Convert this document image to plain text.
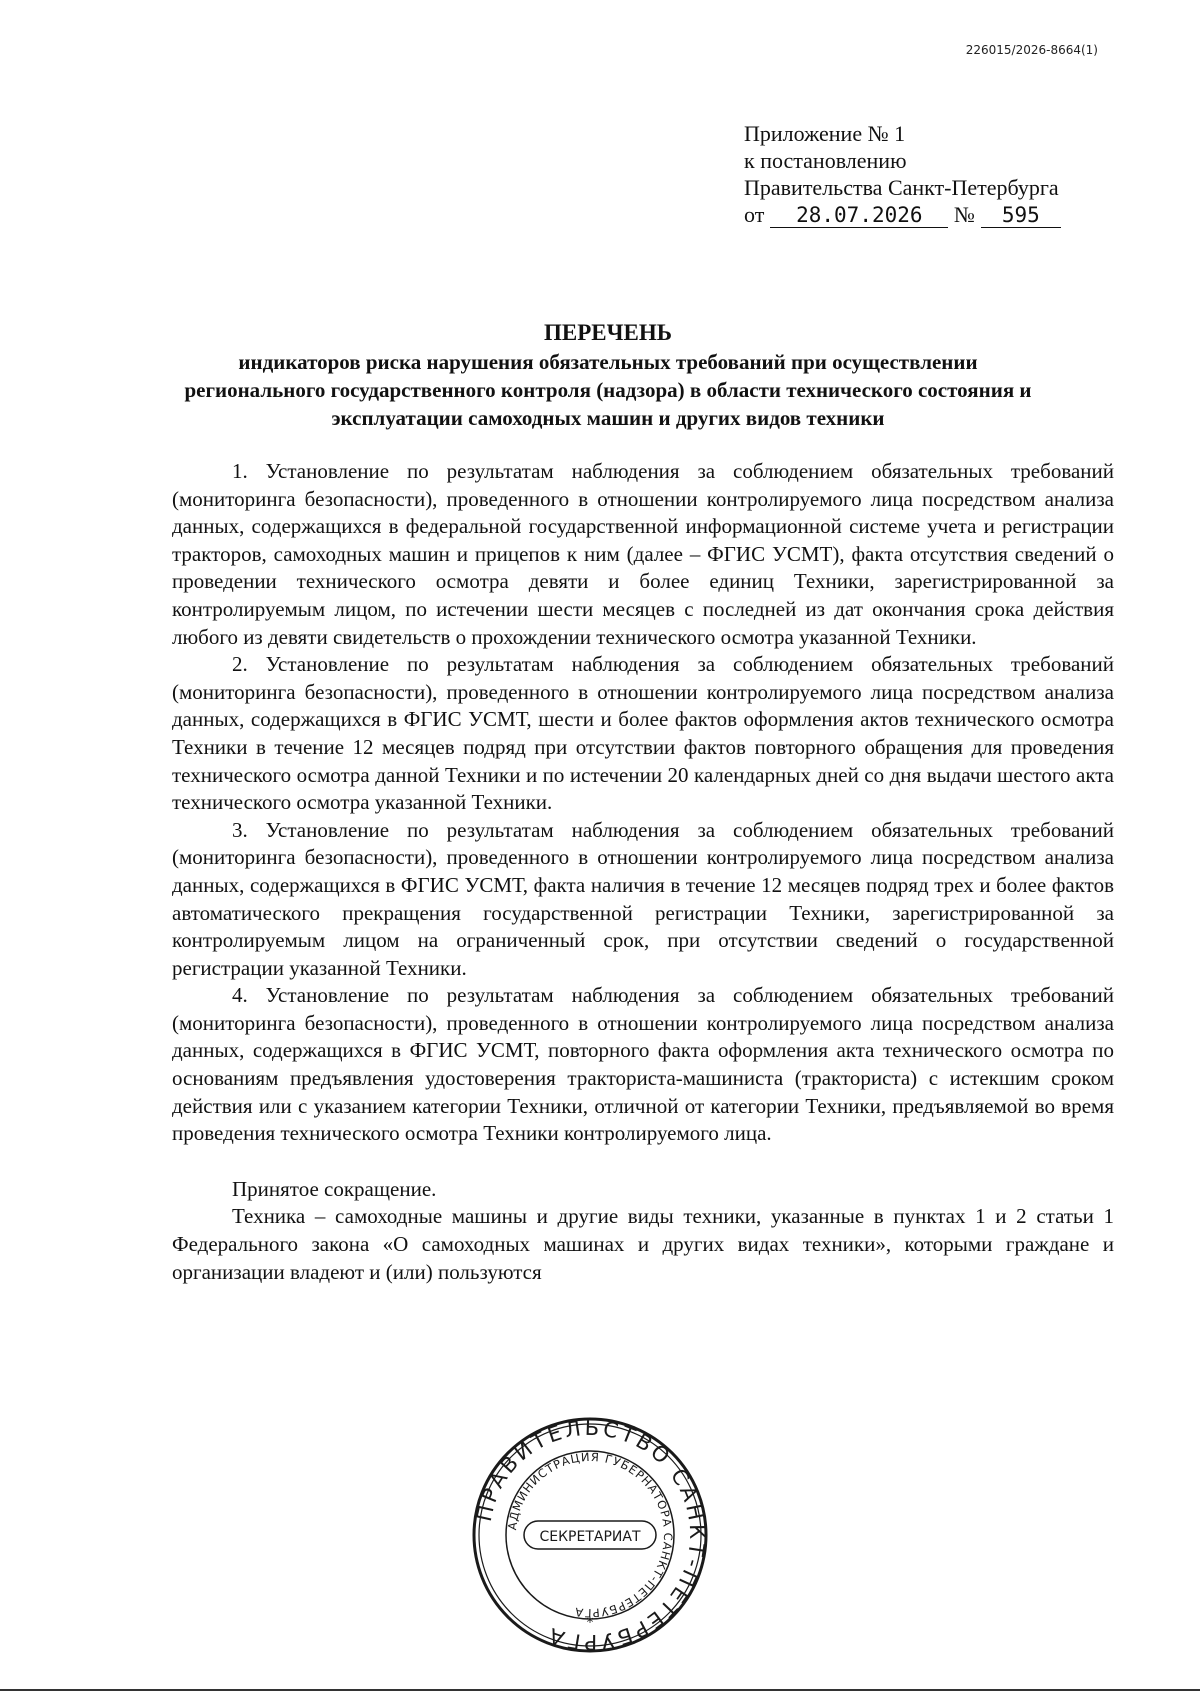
226015/2026-8664(1)
Приложение № 1
к постановлению
Правительства Санкт-Петербурга
от 28.07.2026 № 595
ПЕРЕЧЕНЬ
индикаторов риска нарушения обязательных требований при осуществлении регионального государственного контроля (надзора) в области технического состояния и эксплуатации самоходных машин и других видов техники

1. Установление по результатам наблюдения за соблюдением обязательных требований (мониторинга безопасности), проведенного в отношении контролируемого лица посредством анализа данных, содержащихся в федеральной государственной информационной системе учета и регистрации тракторов, самоходных машин и прицепов к ним (далее – ФГИС УСМТ), факта отсутствия сведений о проведении технического осмотра девяти и более единиц Техники, зарегистрированной за контролируемым лицом, по истечении шести месяцев с последней из дат окончания срока действия любого из девяти свидетельств о прохождении технического осмотра указанной Техники.

2. Установление по результатам наблюдения за соблюдением обязательных требований (мониторинга безопасности), проведенного в отношении контролируемого лица посредством анализа данных, содержащихся в ФГИС УСМТ, шести и более фактов оформления актов технического осмотра Техники в течение 12 месяцев подряд при отсутствии фактов повторного обращения для проведения технического осмотра данной Техники и по истечении 20 календарных дней со дня выдачи шестого акта технического осмотра указанной Техники.

3. Установление по результатам наблюдения за соблюдением обязательных требований (мониторинга безопасности), проведенного в отношении контролируемого лица посредством анализа данных, содержащихся в ФГИС УСМТ, факта наличия в течение 12 месяцев подряд трех и более фактов автоматического прекращения государственной регистрации Техники, зарегистрированной за контролируемым лицом на ограниченный срок, при отсутствии сведений о государственной регистрации указанной Техники.

4. Установление по результатам наблюдения за соблюдением обязательных требований (мониторинга безопасности), проведенного в отношении контролируемого лица посредством анализа данных, содержащихся в ФГИС УСМТ, повторного факта оформления акта технического осмотра по основаниям предъявления удостоверения тракториста-машиниста (тракториста) с истекшим сроком действия или с указанием категории Техники, отличной от категории Техники, предъявляемой во время проведения технического осмотра Техники контролируемого лица.

Принятое сокращение.

Техника – самоходные машины и другие виды техники, указанные в пунктах 1 и 2 статьи 1 Федерального закона «О самоходных машинах и других видах техники», которыми граждане и организации владеют и (или) пользуются

ПРАВИТЕЛЬСТВО САНКТ-ПЕТЕРБУРГА
АДМИНИСТРАЦИЯ ГУБЕРНАТОРА САНКТ-ПЕТЕРБУРГА
СЕКРЕТАРИАТ
*
